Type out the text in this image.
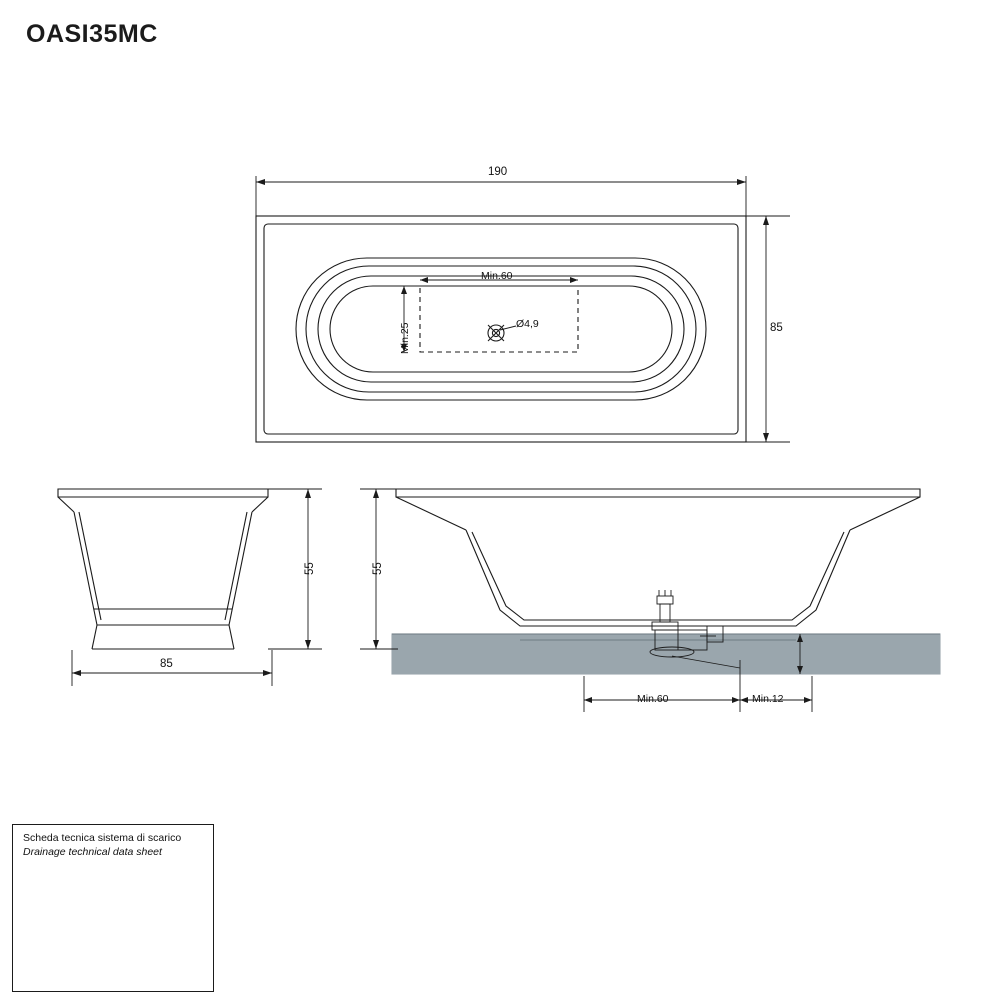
OASI35MC
190
85
Min.60
Min.25	Ø4,9
55
85
55
Min.60	Min.12
Scheda tecnica sistema di scarico
Drainage technical data sheet
